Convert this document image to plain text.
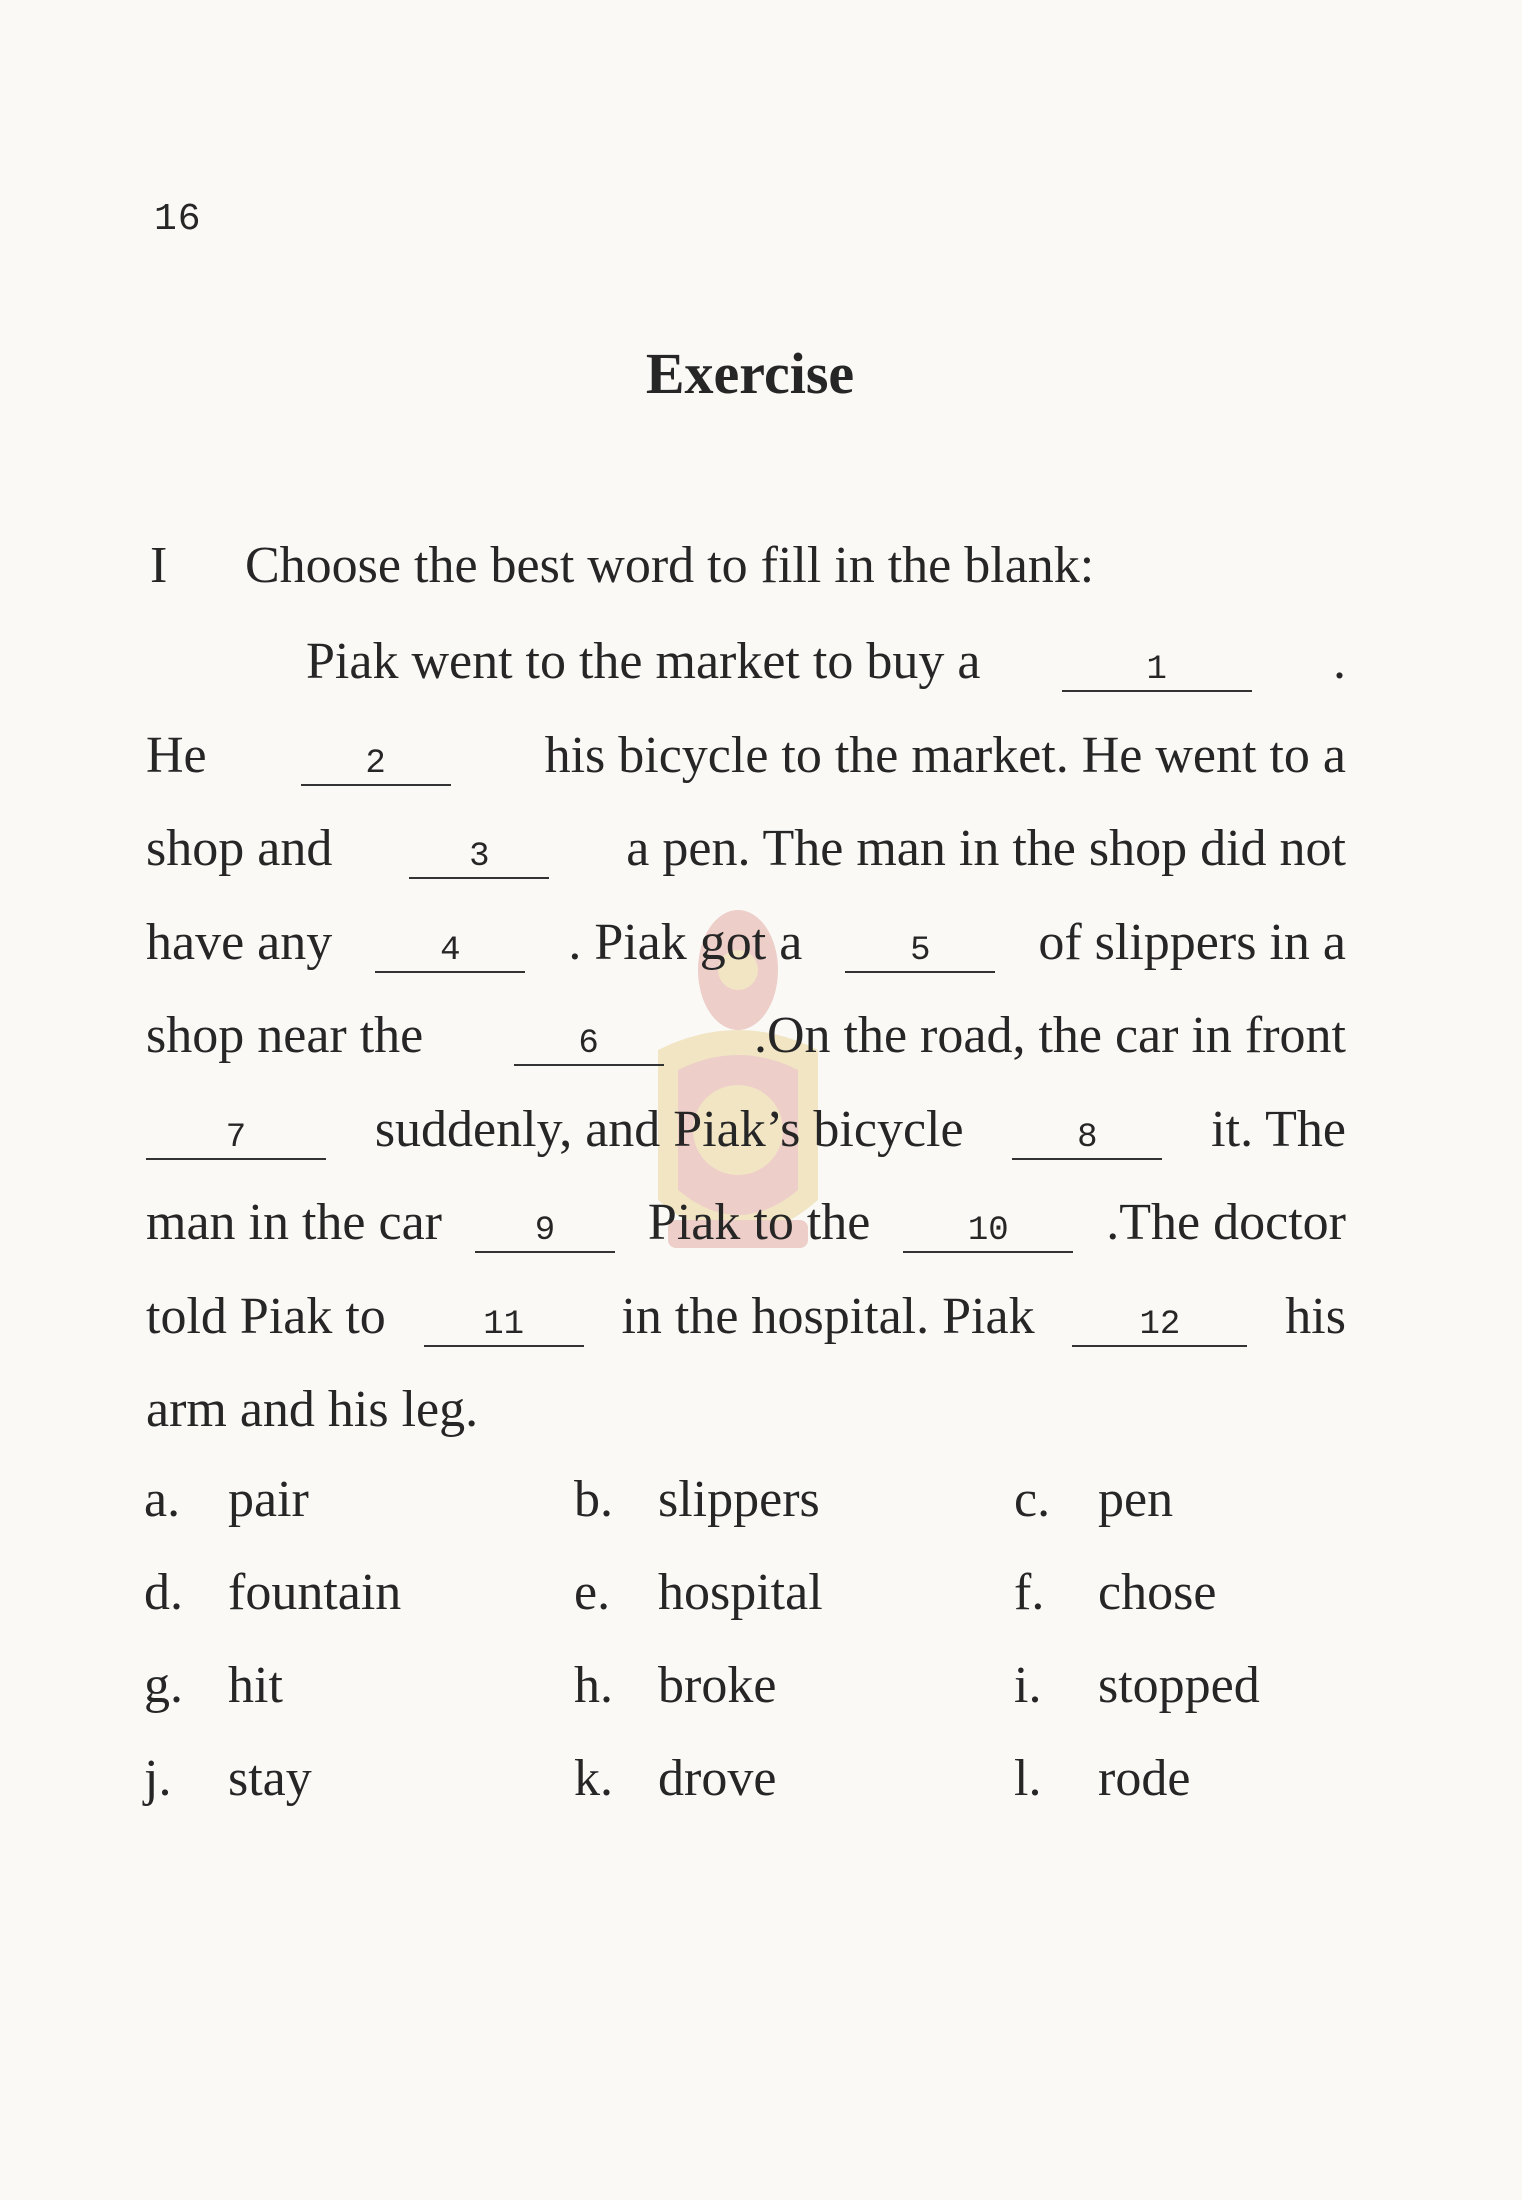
16
Exercise
I Choose the best word to fill in the blank:
Piak went to the market to buy a	1	.
He	2	his bicycle to the market. He went to a
shop and	3	a pen. The man in the shop did not
have any	4	. Piak got a	5	of slippers in a
shop near the	6	.On the road, the car in front
7	suddenly, and Piak’s bicycle	8	it. The
man in the car	9	Piak to the	10	.The doctor
told Piak to	11	in the hospital. Piak	12	his
arm and his leg.
a. pair	b. slippers	c. pen
d. fountain	e. hospital	f.	chose
g. hit	h. broke	i.	stopped
j.	stay	k. drove	l.	rode
